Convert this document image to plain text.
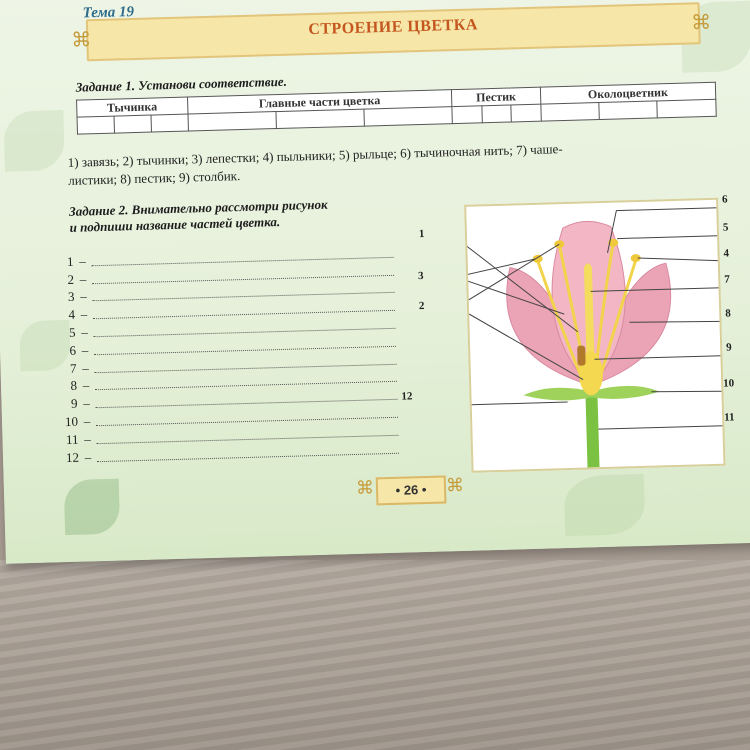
Тема 19
СТРОЕНИЕ ЦВЕТКА
⌘
⌘
Задание 1. Установи соответствие.
Тычинка			Главные части цветка			Пестик			Околоцветник		

1) завязь; 2) тычинки; 3) лепестки; 4) пыльники; 5) рыльце; 6) тычиночная нить; 7) чаше-
листики; 8) пестик; 9) столбик.
Задание 2. Внимательно рассмотри рисунок
и подпиши название частей цветка.
1 –
2 –
3 –
4 –
5 –
6 –
7 –
8 –
9 –
10 –
11 –
12 –
1
3
2
12
6
5
4
7
8
9
10
11
⌘	• 26 •	⌘
